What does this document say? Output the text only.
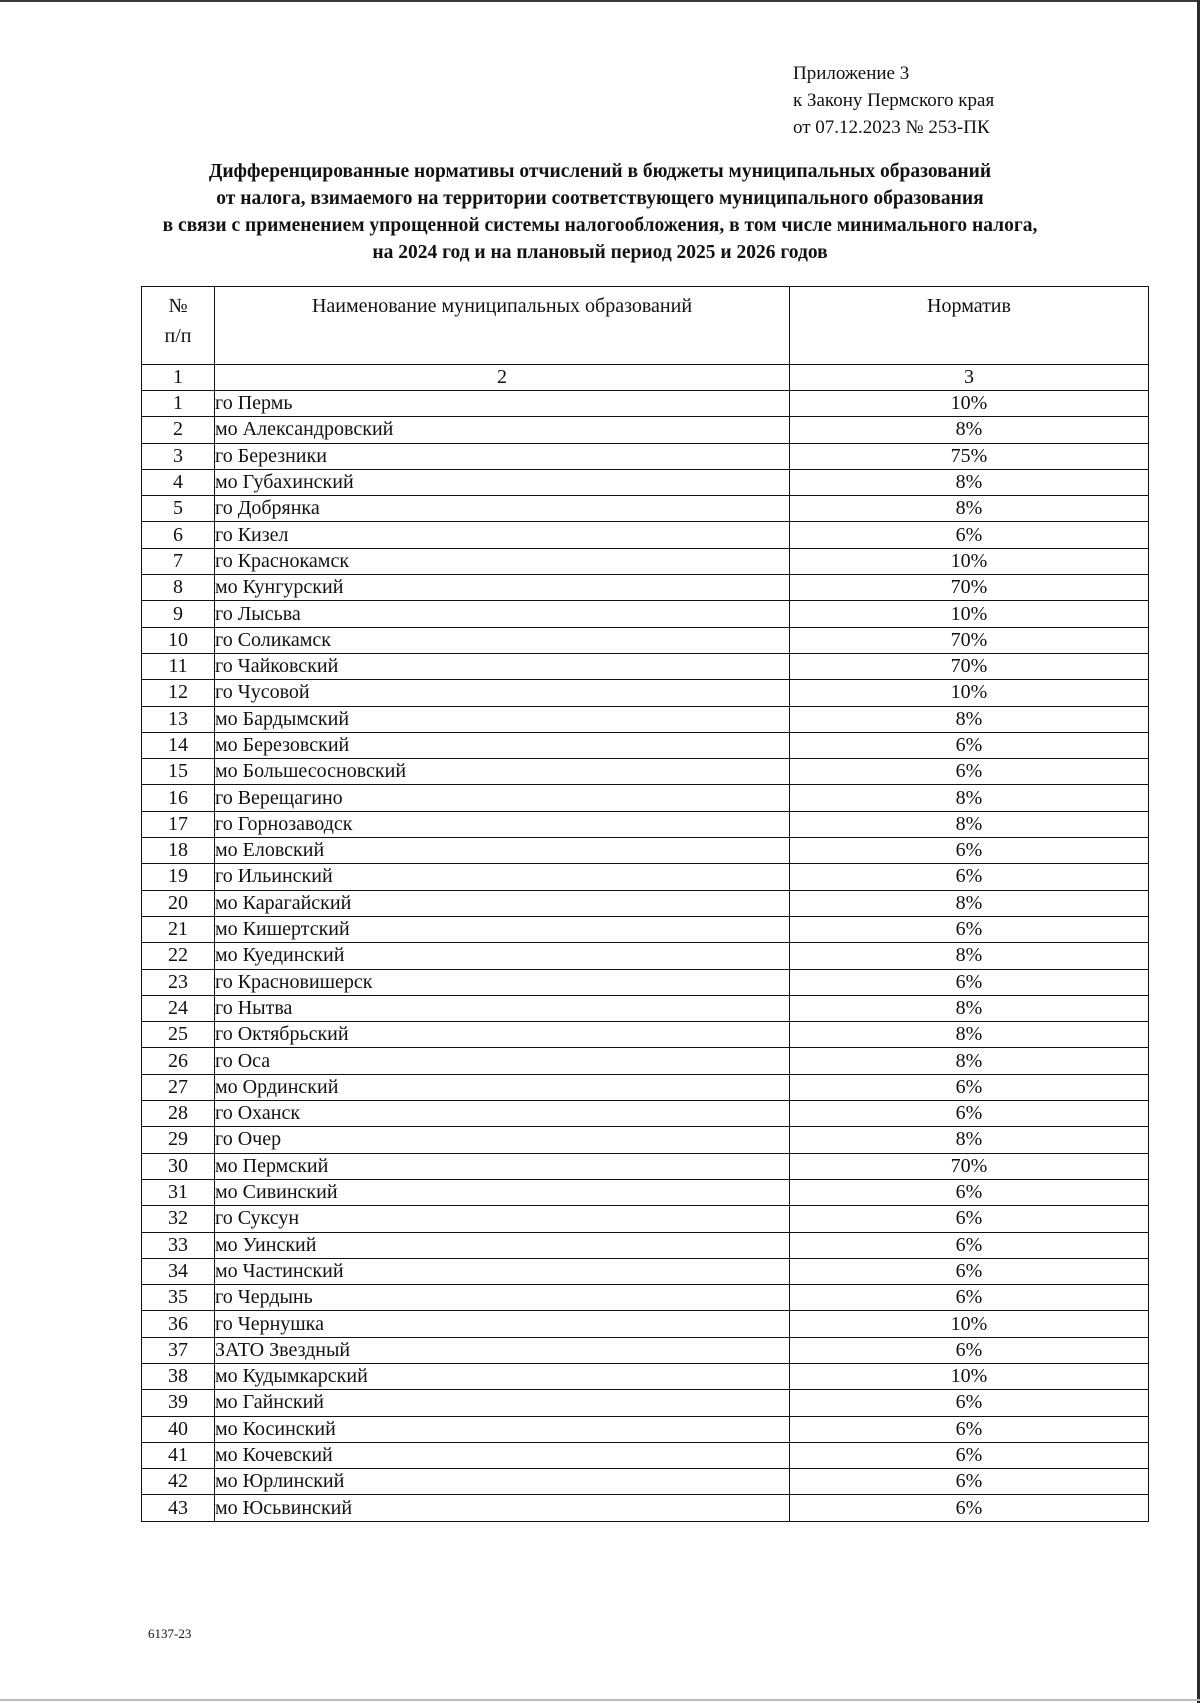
Приложение 3
к Закону Пермского края
от 07.12.2023 № 253-ПК
Дифференцированные нормативы отчислений в бюджеты муниципальных образований
от налога, взимаемого на территории соответствующего муниципального образования
в связи с применением упрощенной системы налогообложения, в том числе минимального налога,
на 2024 год и на плановый период 2025 и 2026 годов
№
п/п	Наименование муниципальных образований	Норматив
1	2	3
1	го Пермь	10%
2	мо Александровский	8%
3	го Березники	75%
4	мо Губахинский	8%
5	го Добрянка	8%
6	го Кизел	6%
7	го Краснокамск	10%
8	мо Кунгурский	70%
9	го Лысьва	10%
10	го Соликамск	70%
11	го Чайковский	70%
12	го Чусовой	10%
13	мо Бардымский	8%
14	мо Березовский	6%
15	мо Большесосновский	6%
16	го Верещагино	8%
17	го Горнозаводск	8%
18	мо Еловский	6%
19	го Ильинский	6%
20	мо Карагайский	8%
21	мо Кишертский	6%
22	мо Куединский	8%
23	го Красновишерск	6%
24	го Нытва	8%
25	го Октябрьский	8%
26	го Оса	8%
27	мо Ординский	6%
28	го Оханск	6%
29	го Очер	8%
30	мо Пермский	70%
31	мо Сивинский	6%
32	го Суксун	6%
33	мо Уинский	6%
34	мо Частинский	6%
35	го Чердынь	6%
36	го Чернушка	10%
37	ЗАТО Звездный	6%
38	мо Кудымкарский	10%
39	мо Гайнский	6%
40	мо Косинский	6%
41	мо Кочевский	6%
42	мо Юрлинский	6%
43	мо Юсьвинский	6%
6137-23
